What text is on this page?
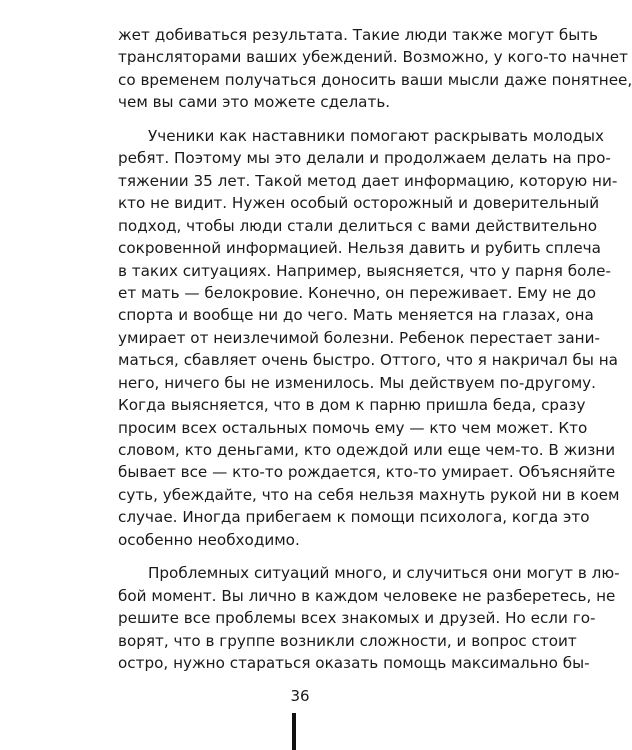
жет добиваться результата. Такие люди также могут быть
трансляторами ваших убеждений. Возможно, у кого-то начнет
со временем получаться доносить ваши мысли даже понятнее,
чем вы сами это можете сделать.
Ученики как наставники помогают раскрывать молодых
ребят. Поэтому мы это делали и продолжаем делать на про-
тяжении 35 лет. Такой метод дает информацию, которую ни-
кто не видит. Нужен особый осторожный и доверительный
подход, чтобы люди стали делиться с вами действительно
сокровенной информацией. Нельзя давить и рубить сплеча
в таких ситуациях. Например, выясняется, что у парня болe-
ет мать — белокровие. Конечно, он переживает. Ему не до
спорта и вообще ни до чего. Мать меняется на глазах, она
умирает от неизлечимой болезни. Ребенок перестает зани-
маться, сбавляет очень быстро. Оттого, что я накричал бы на
него, ничего бы не изменилось. Мы действуем по-другому.
Когда выясняется, что в дом к парню пришла беда, сразу
просим всех остальных помочь ему — кто чем может. Кто
словом, кто деньгами, кто одеждой или еще чем-то. В жизни
бывает все — кто-то рождается, кто-то умирает. Объясняйте
суть, убеждайте, что на себя нельзя махнуть рукой ни в коем
случае. Иногда прибегаем к помощи психолога, когда это
особенно необходимо.
Проблемных ситуаций много, и случиться они могут в лю-
бой момент. Вы лично в каждом человеке не разберетесь, не
решите все проблемы всех знакомых и друзей. Но если го-
ворят, что в группе возникли сложности, и вопрос стоит
остро, нужно стараться оказать помощь максимально бы-
36
